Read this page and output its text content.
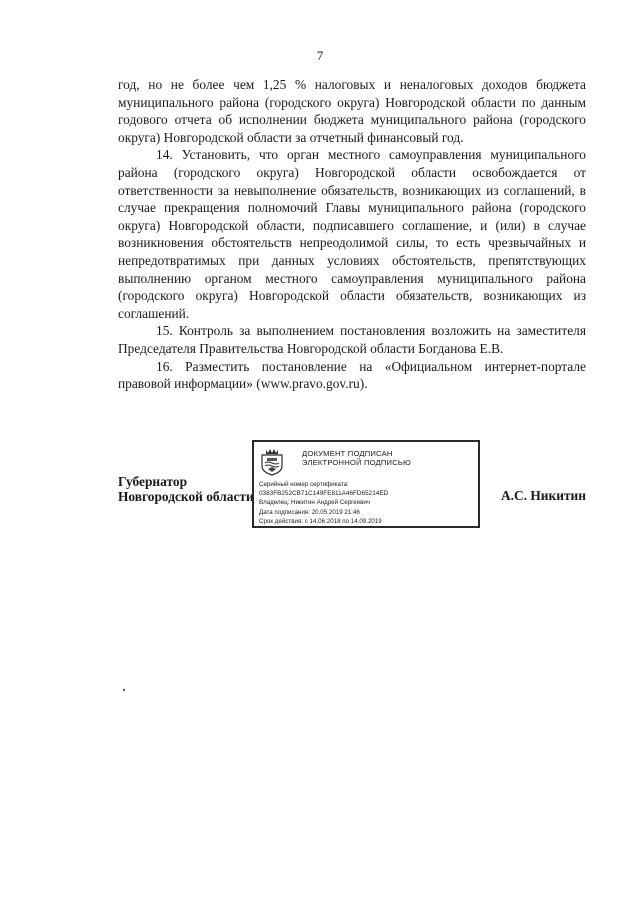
7

год, но не более чем 1,25 % налоговых и неналоговых доходов бюджета муниципального района (городского округа) Новгородской области по данным годового отчета об исполнении бюджета муниципального района (городского округа) Новгородской области за отчетный финансовый год.

14. Установить, что орган местного самоуправления муниципального района (городского округа) Новгородской области освобождается от ответственности за невыполнение обязательств, возникающих из соглашений, в случае прекращения полномочий Главы муниципального района (городского округа) Новгородской области, подписавшего соглашение, и (или) в случае возникновения обстоятельств непреодолимой силы, то есть чрезвычайных и непредотвратимых при данных условиях обстоятельств, препятствующих выполнению органом местного самоуправления муниципального района (городского округа) Новгородской области обязательств, возникающих из соглашений.

15. Контроль за выполнением постановления возложить на заместителя Председателя Правительства Новгородской области Богданова Е.В.

16. Разместить постановление на «Официальном интернет-портале правовой информации» (www.pravo.gov.ru).

Губернатор
Новгородской области
ДОКУМЕНТ ПОДПИСАН
ЭЛЕКТРОННОЙ ПОДПИСЬЮ
Серийный номер сертификата:
0383FB252CB71C149FE811A46FD65214ED
Владелец: Никитин Андрей Сергеевич
Дата подписания: 20.05.2019 21:46
Срок действия: с 14.06.2018 по 14.09.2019
А.С. Никитин
